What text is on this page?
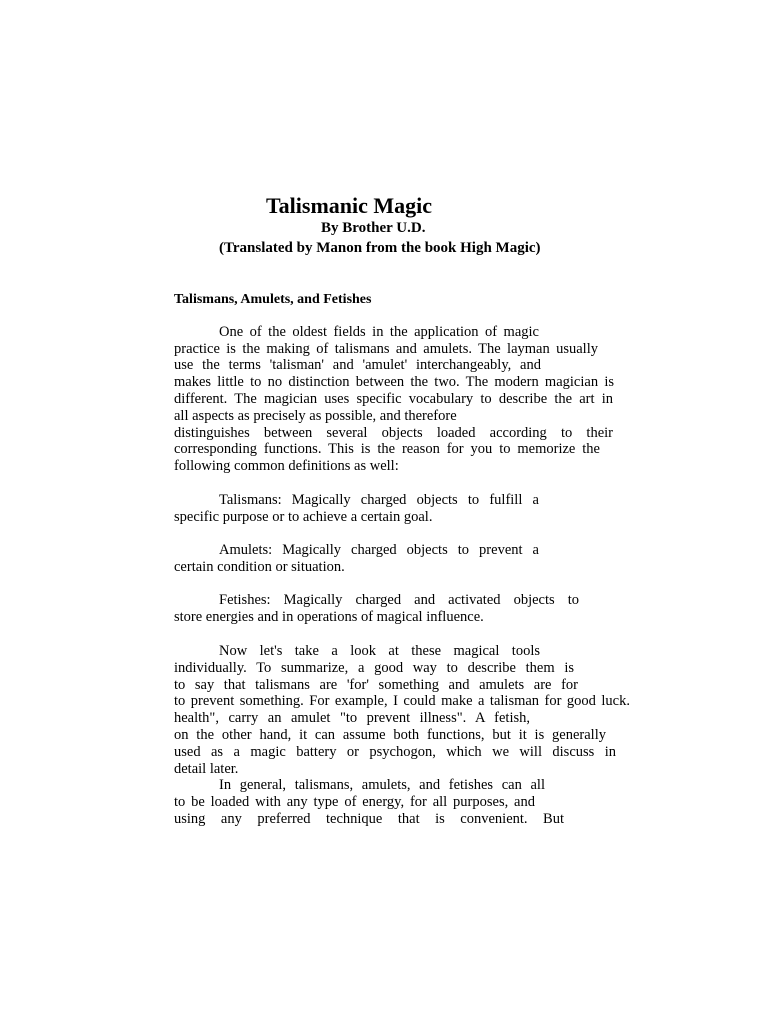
Talismanic Magic
By Brother U.D.
(Translated by Manon from the book High Magic)
Talismans, Amulets, and Fetishes
One of the oldest fields in the application of magic
practice is the making of talismans and amulets. The layman usually
use the terms 'talisman' and 'amulet' interchangeably, and
makes little to no distinction between the two. The modern magician is
different. The magician uses specific vocabulary to describe the art in
all aspects as precisely as possible, and therefore
distinguishes between several objects loaded according to their
corresponding functions. This is the reason for you to memorize the
following common definitions as well:
Talismans: Magically charged objects to fulfill a
specific purpose or to achieve a certain goal.
Amulets: Magically charged objects to prevent a
certain condition or situation.
Fetishes: Magically charged and activated objects to
store energies and in operations of magical influence.
Now let's take a look at these magical tools
individually. To summarize, a good way to describe them is
to say that talismans are 'for' something and amulets are for
to prevent something. For example, I could make a talisman for good luck.
health", carry an amulet "to prevent illness". A fetish,
on the other hand, it can assume both functions, but it is generally
used as a magic battery or psychogon, which we will discuss in
detail later.
In general, talismans, amulets, and fetishes can all
to be loaded with any type of energy, for all purposes, and
using any preferred technique that is convenient. But
